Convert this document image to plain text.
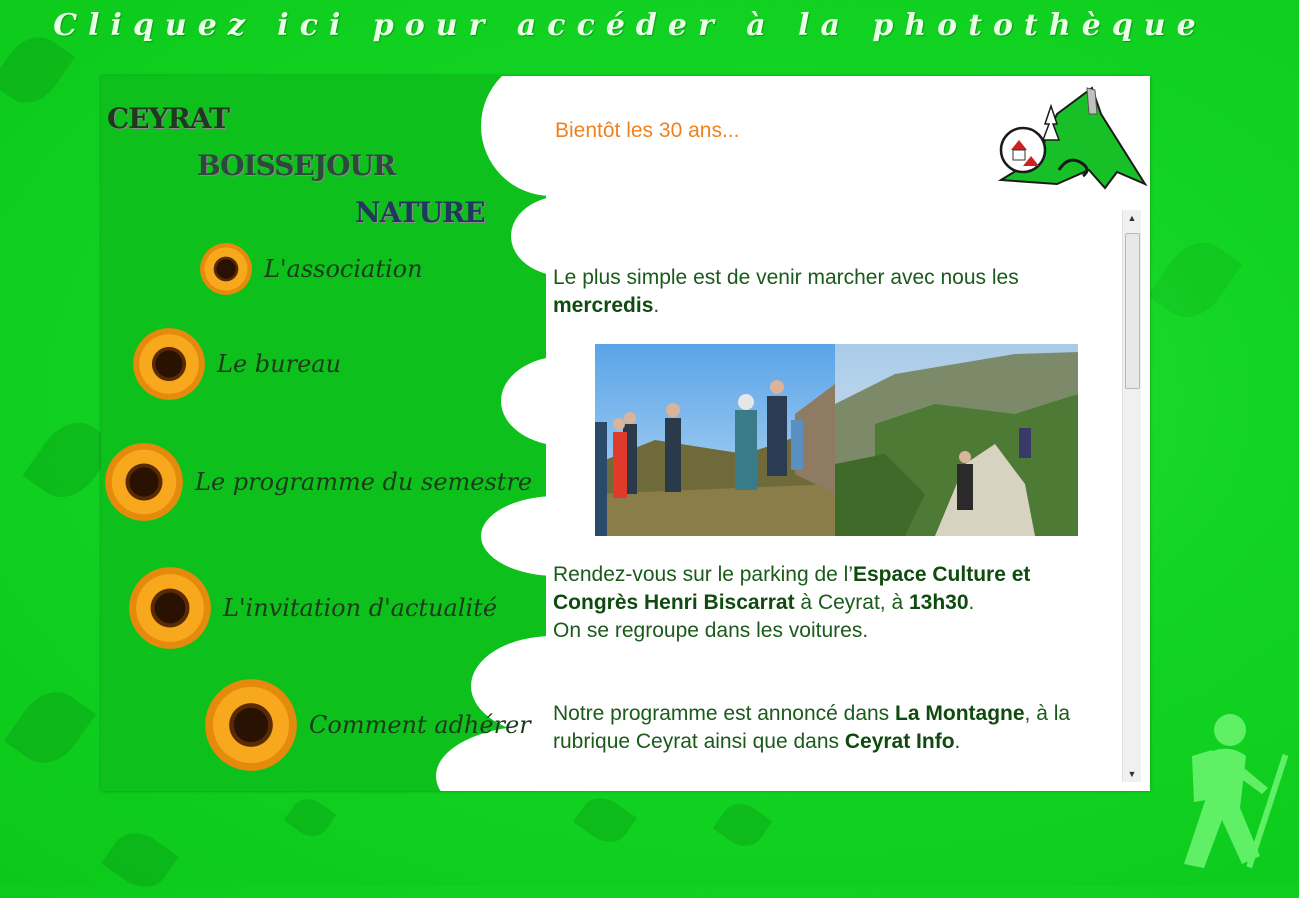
Cliquez ici pour accéder à la photothèque
CEYRAT
BOISSEJOUR
NATURE
L'association
Le bureau
Le programme du semestre
L'invitation d'actualité
Comment adhérer
Bientôt les 30 ans...

Le plus simple est de venir marcher avec nous les mercredis.

Rendez-vous sur le parking de l’Espace Culture et Congrès Henri Biscarrat à Ceyrat, à 13h30.
On se regroupe dans les voitures.

Notre programme est annoncé dans La Montagne, à la rubrique Ceyrat ainsi que dans Ceyrat Info.

▲
▼
